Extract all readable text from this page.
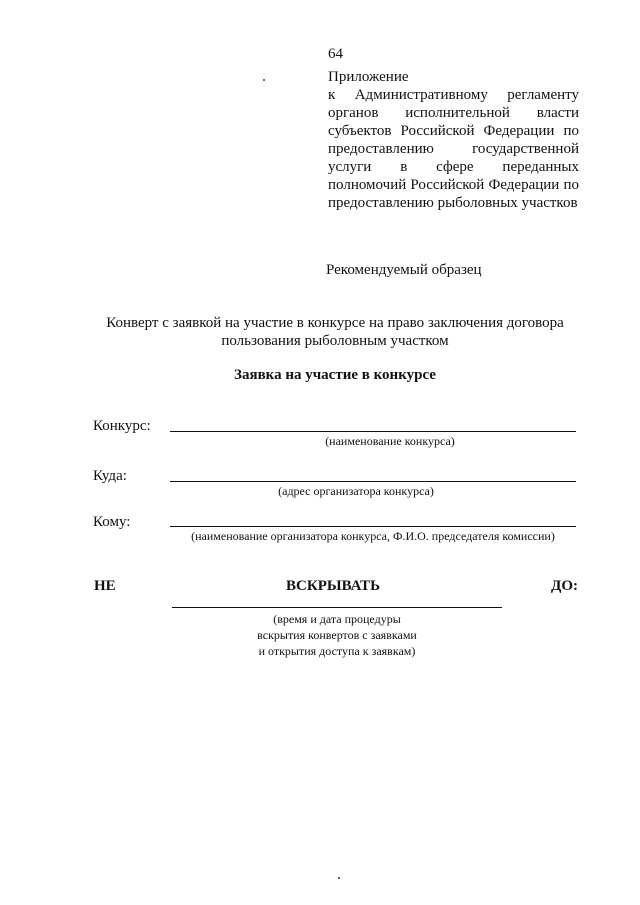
64
Приложение
к Административному регламенту органов исполнительной власти субъектов Российской Федерации по предоставлению государственной услуги в сфере переданных полномочий Российской Федерации по предоставлению рыболовных участков
Рекомендуемый образец
Конверт с заявкой на участие в конкурсе на право заключения договора пользования рыболовным участком
Заявка на участие в конкурсе
Конкурс:
(наименование конкурса)
Куда:
(адрес организатора конкурса)
Кому:
(наименование организатора конкурса, Ф.И.О. председателя комиссии)
НЕ	ВСКРЫВАТЬ	ДО:
(время и дата процедуры
вскрытия конвертов с заявками
и открытия доступа к заявкам)
